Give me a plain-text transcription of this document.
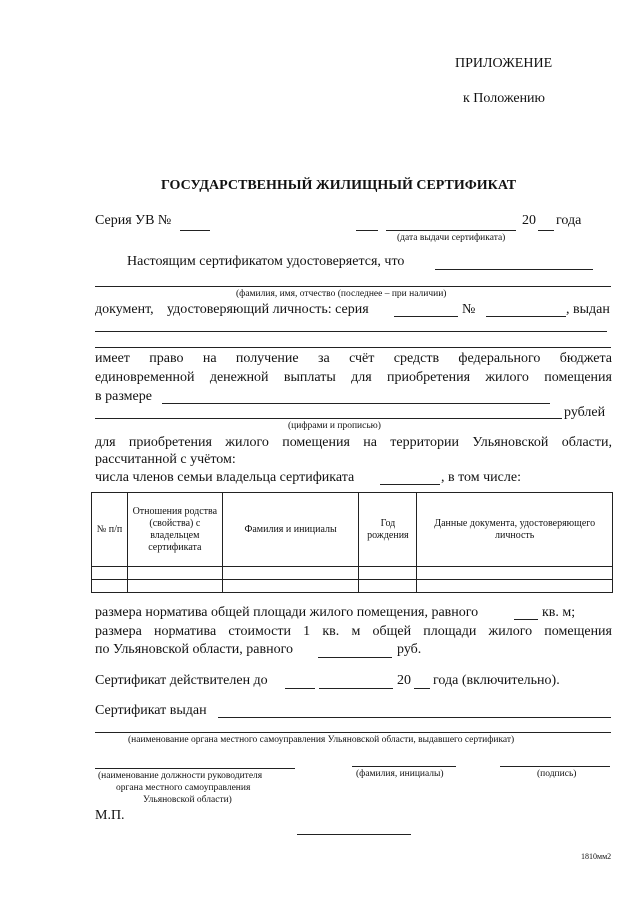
ПРИЛОЖЕНИЕ
к Положению
ГОСУДАРСТВЕННЫЙ ЖИЛИЩНЫЙ СЕРТИФИКАТ
Серия УВ №	20 года
(дата выдачи сертификата)
Настоящим сертификатом удостоверяется, что
(фамилия, имя, отчество (последнее – при наличии)
документ, удостоверяющий личность: серия	№	, выдан
имеет право на получение за счёт средств федерального бюджета
единовременной денежной выплаты для приобретения жилого помещения
в размере
рублей
(цифрами и прописью)
для приобретения жилого помещения на территории Ульяновской области,
рассчитанной с учётом:
числа членов семьи владельца сертификата	, в том числе:
№ п/п	Отношения родства (свойства) с владельцем сертификата	Фамилия и инициалы	Год рождения	Данные документа, удостоверяющего личность

размера норматива общей площади жилого помещения, равного	кв. м;
размера норматива стоимости 1 кв. м общей площади жилого помещения
по Ульяновской области, равного	руб.
Сертификат действителен до	20 года (включительно).
Сертификат выдан
(наименование органа местного самоуправления Ульяновской области, выдавшего сертификат)
(наименование должности руководителя
органа местного самоуправления
Ульяновской области)
(фамилия, инициалы)	(подпись)
М.П.
1810мм2
